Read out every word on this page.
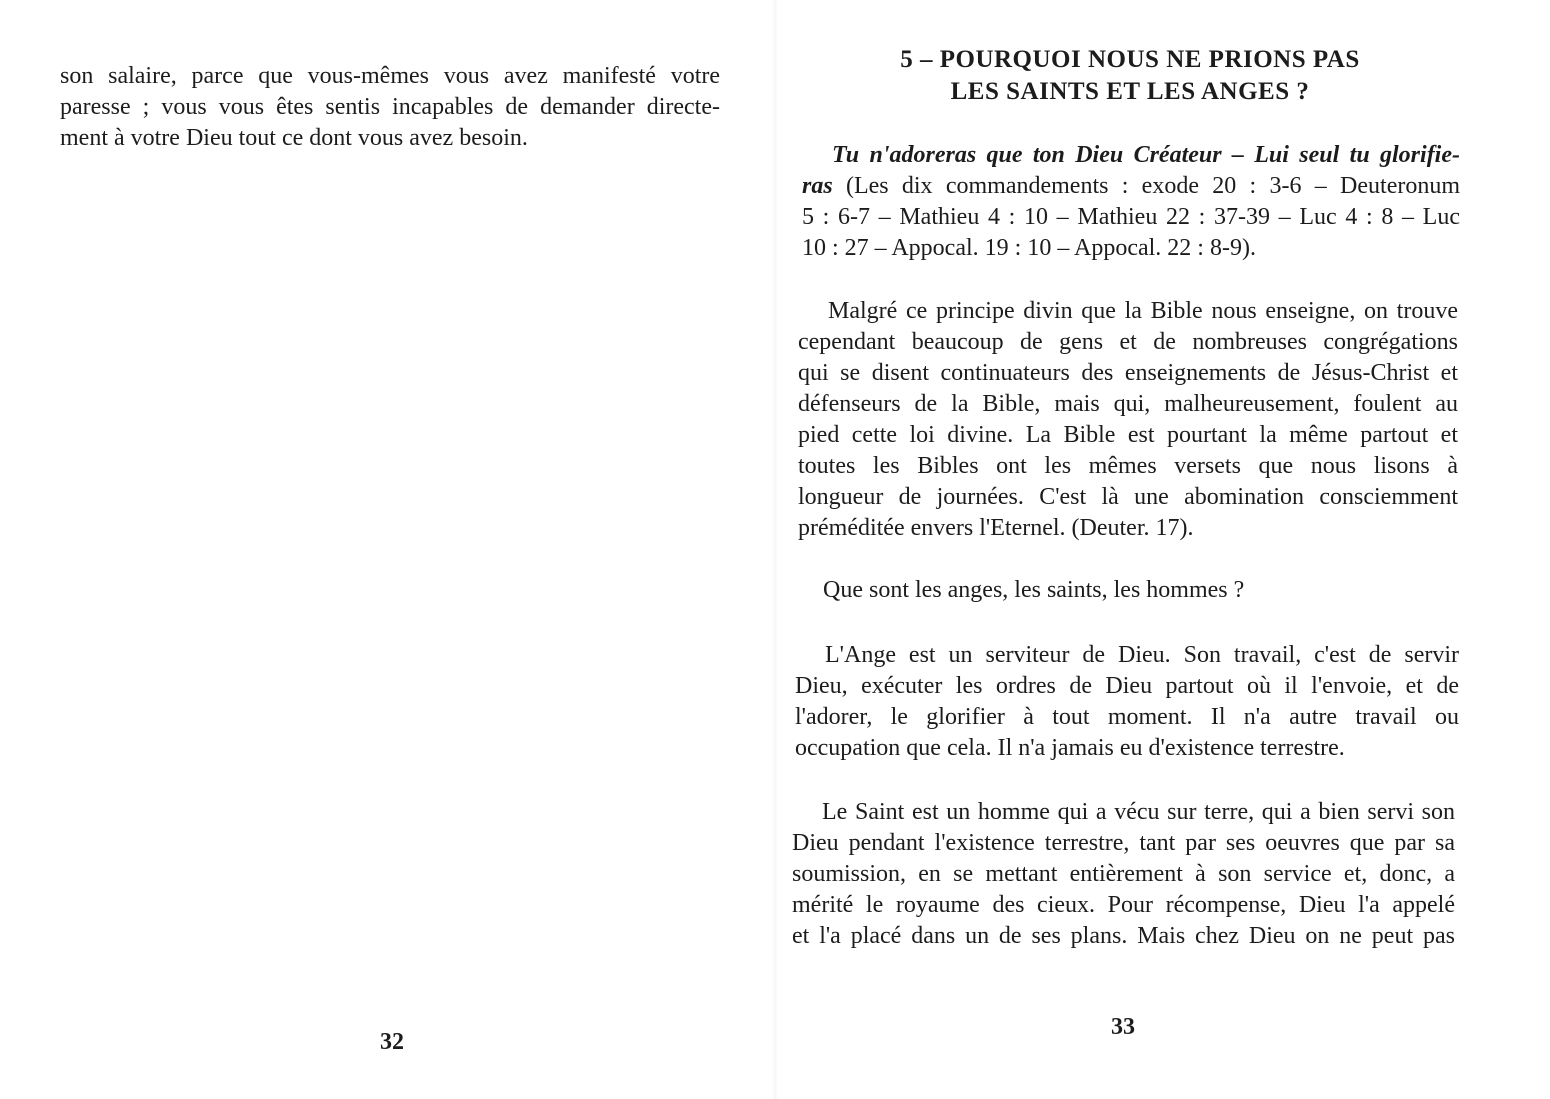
son salaire, parce que vous-mêmes vous avez manifesté votre
paresse ; vous vous êtes sentis incapables de demander directe-
ment à votre Dieu tout ce dont vous avez besoin.

32
5 – POURQUOI NOUS NE PRIONS PAS
LES SAINTS ET LES ANGES ?

Tu n'adoreras que ton Dieu Créateur – Lui seul tu glorifie-
ras (Les dix commandements : exode 20 : 3-6 – Deuteronum
5 : 6-7 – Mathieu 4 : 10 – Mathieu 22 : 37-39 – Luc 4 : 8 – Luc
10 : 27 – Appocal. 19 : 10 – Appocal. 22 : 8-9).

Malgré ce principe divin que la Bible nous enseigne, on trouve
cependant beaucoup de gens et de nombreuses congrégations
qui se disent continuateurs des enseignements de Jésus-Christ et
défenseurs de la Bible, mais qui, malheureusement, foulent au
pied cette loi divine. La Bible est pourtant la même partout et
toutes les Bibles ont les mêmes versets que nous lisons à
longueur de journées. C'est là une abomination consciemment
préméditée envers l'Eternel. (Deuter. 17).

Que sont les anges, les saints, les hommes ?

L'Ange est un serviteur de Dieu. Son travail, c'est de servir
Dieu, exécuter les ordres de Dieu partout où il l'envoie, et de
l'adorer, le glorifier à tout moment. Il n'a autre travail ou
occupation que cela. Il n'a jamais eu d'existence terrestre.

Le Saint est un homme qui a vécu sur terre, qui a bien servi son
Dieu pendant l'existence terrestre, tant par ses oeuvres que par sa
soumission, en se mettant entièrement à son service et, donc, a
mérité le royaume des cieux. Pour récompense, Dieu l'a appelé
et l'a placé dans un de ses plans. Mais chez Dieu on ne peut pas

33
